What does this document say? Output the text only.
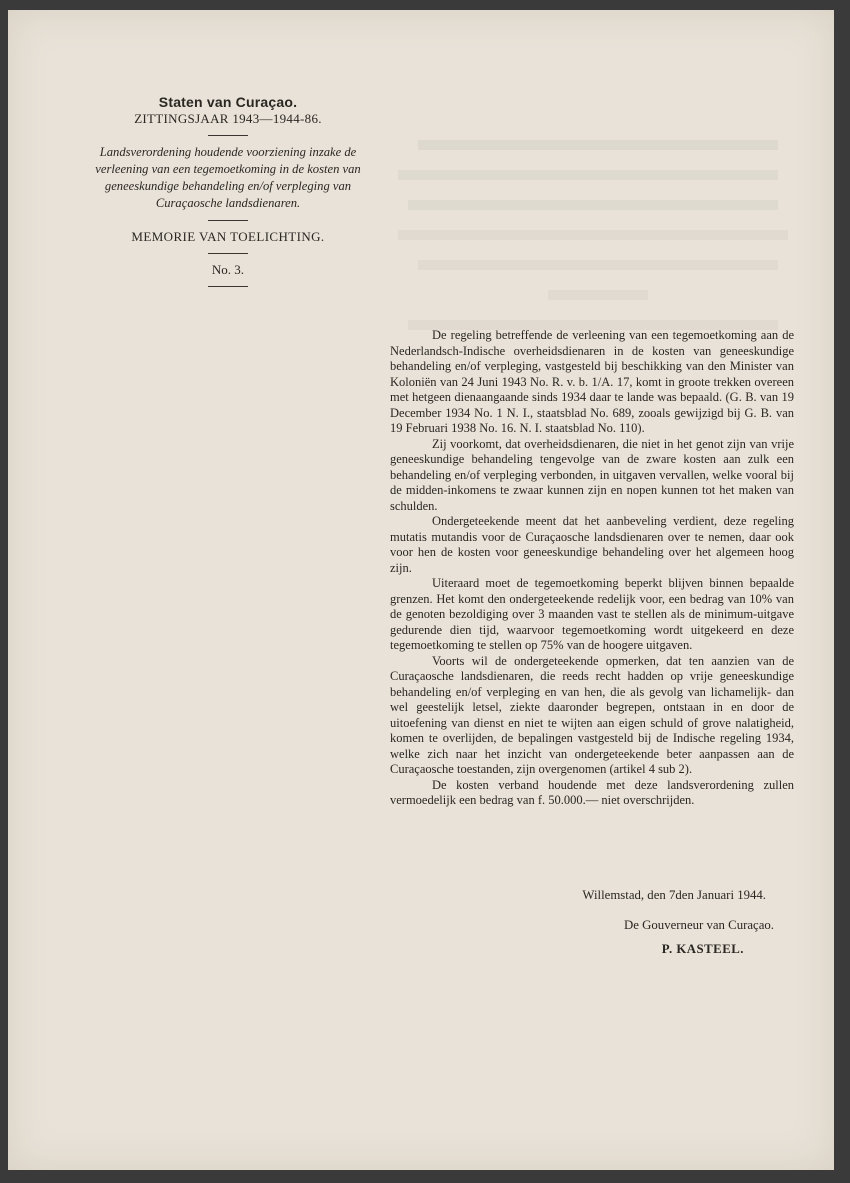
Staten van Curaçao.
ZITTINGSJAAR 1943—1944-86.
Landsverordening houdende voorziening inzake de verleening van een tegemoetkoming in de kosten van geneeskundige behandeling en/of verpleging van Curaçaosche landsdienaren.
MEMORIE VAN TOELICHTING.
No. 3.

De regeling betreffende de verleening van een tegemoetkoming aan de Nederlandsch-Indische overheidsdienaren in de kosten van geneeskundige behandeling en/of verpleging, vastgesteld bij beschikking van den Minister van Koloniën van 24 Juni 1943 No. R. v. b. 1/A. 17, komt in groote trekken overeen met hetgeen dienaangaande sinds 1934 daar te lande was bepaald. (G. B. van 19 December 1934 No. 1 N. I., staatsblad No. 689, zooals gewijzigd bij G. B. van 19 Februari 1938 No. 16. N. I. staatsblad No. 110).

Zij voorkomt, dat overheidsdienaren, die niet in het genot zijn van vrije geneeskundige behandeling tengevolge van de zware kosten aan zulk een behandeling en/of verpleging verbonden, in uitgaven vervallen, welke vooral bij de midden-inkomens te zwaar kunnen zijn en nopen kunnen tot het maken van schulden.

Ondergeteekende meent dat het aanbeveling verdient, deze regeling mutatis mutandis voor de Curaçaosche landsdienaren over te nemen, daar ook voor hen de kosten voor geneeskundige behandeling over het algemeen hoog zijn.

Uiteraard moet de tegemoetkoming beperkt blijven binnen bepaalde grenzen. Het komt den ondergeteekende redelijk voor, een bedrag van 10% van de genoten bezoldiging over 3 maanden vast te stellen als de minimum-uitgave gedurende dien tijd, waarvoor tegemoetkoming wordt uitgekeerd en deze tegemoetkoming te stellen op 75% van de hoogere uitgaven.

Voorts wil de ondergeteekende opmerken, dat ten aanzien van de Curaçaosche landsdienaren, die reeds recht hadden op vrije geneeskundige behandeling en/of verpleging en van hen, die als gevolg van lichamelijk- dan wel geestelijk letsel, ziekte daaronder begrepen, ontstaan in en door de uitoefening van dienst en niet te wijten aan eigen schuld of grove nalatigheid, komen te overlijden, de bepalingen vastgesteld bij de Indische regeling 1934, welke zich naar het inzicht van ondergeteekende beter aanpassen aan de Curaçaosche toestanden, zijn overgenomen (artikel 4 sub 2).

De kosten verband houdende met deze landsverordening zullen vermoedelijk een bedrag van f. 50.000.— niet overschrijden.

Willemstad, den 7den Januari 1944.
De Gouverneur van Curaçao.
P. KASTEEL.
